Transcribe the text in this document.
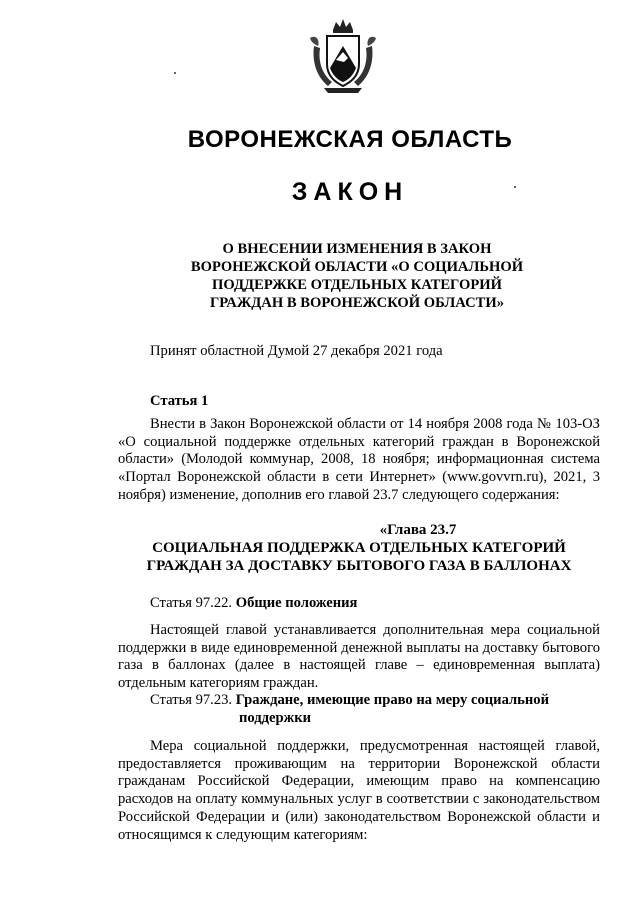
ВОРОНЕЖСКАЯ ОБЛАСТЬ
ЗАКОН
О ВНЕСЕНИИ ИЗМЕНЕНИЯ В ЗАКОН
ВОРОНЕЖСКОЙ ОБЛАСТИ «О СОЦИАЛЬНОЙ
ПОДДЕРЖКЕ ОТДЕЛЬНЫХ КАТЕГОРИЙ
ГРАЖДАН В ВОРОНЕЖСКОЙ ОБЛАСТИ»
Принят областной Думой 27 декабря 2021 года
Статья 1
Внести в Закон Воронежской области от 14 ноября 2008 года № 103-ОЗ «О социальной поддержке отдельных категорий граждан в Воронежской области» (Молодой коммунар, 2008, 18 ноября; информационная система «Портал Воронежской области в сети Интернет» (www.govvrn.ru), 2021, 3 ноября) изменение, дополнив его главой 23.7 следующего содержания:
«Глава 23.7
СОЦИАЛЬНАЯ ПОДДЕРЖКА ОТДЕЛЬНЫХ КАТЕГОРИЙ
ГРАЖДАН ЗА ДОСТАВКУ БЫТОВОГО ГАЗА В БАЛЛОНАХ
Статья 97.22. Общие положения
Настоящей главой устанавливается дополнительная мера социальной поддержки в виде единовременной денежной выплаты на доставку бытового газа в баллонах (далее в настоящей главе – единовременная выплата) отдельным категориям граждан.
Статья 97.23. Граждане, имеющие право на меру социальной
поддержки
Мера социальной поддержки, предусмотренная настоящей главой, предоставляется проживающим на территории Воронежской области гражданам Российской Федерации, имеющим право на компенсацию расходов на оплату коммунальных услуг в соответствии с законодательством Российской Федерации и (или) законодательством Воронежской области и относящимся к следующим категориям:
